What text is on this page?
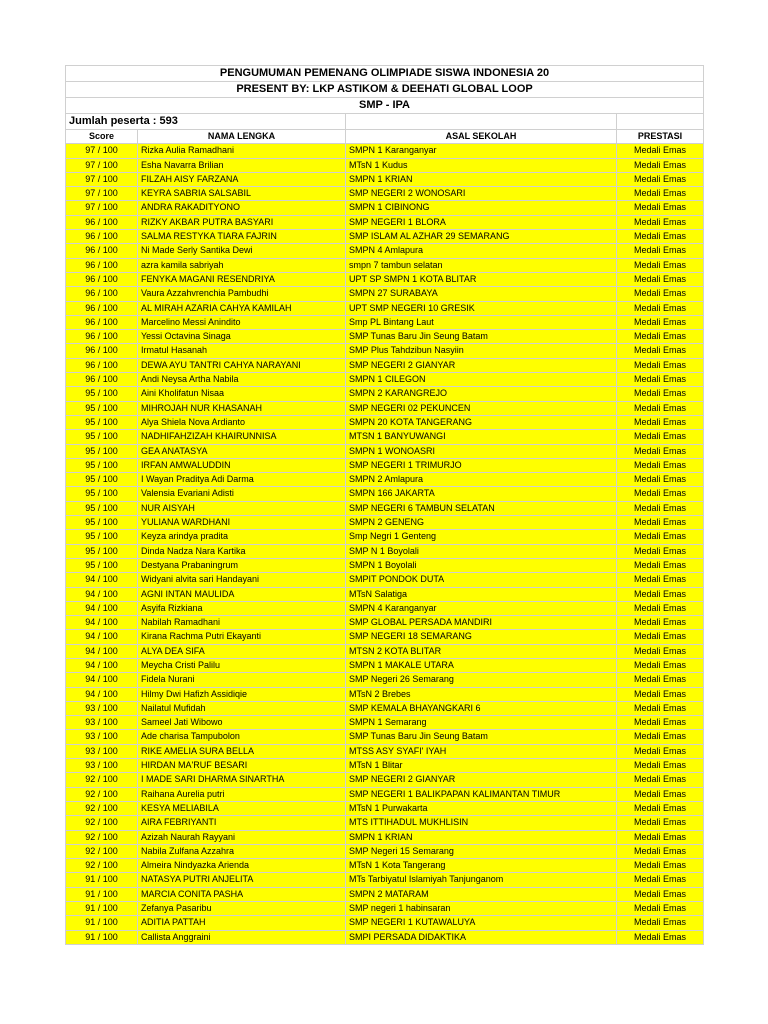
PENGUMUMAN PEMENANG OLIMPIADE SISWA INDONESIA 20			
PRESENT BY: LKP ASTIKOM & DEEHATI GLOBAL LOOP			
SMP - IPA			
Jumlah peserta : 593			
Score	NAMA LENGKA	ASAL SEKOLAH	PRESTASI
97 / 100	Rizka Aulia Ramadhani	SMPN 1 Karanganyar	Medali Emas
97 / 100	Esha Navarra Brilian	MTsN 1 Kudus	Medali Emas
97 / 100	FILZAH AISY FARZANA	SMPN 1 KRIAN	Medali Emas
97 / 100	KEYRA SABRIA SALSABIL	SMP NEGERI 2 WONOSARI	Medali Emas
97 / 100	ANDRA RAKADITYONO	SMPN 1 CIBINONG	Medali Emas
96 / 100	RIZKY AKBAR PUTRA BASYARI	SMP NEGERI 1 BLORA	Medali Emas
96 / 100	SALMA RESTYKA TIARA FAJRIN	SMP ISLAM AL AZHAR 29 SEMARANG	Medali Emas
96 / 100	Ni Made Serly Santika Dewi	SMPN 4 Amlapura	Medali Emas
96 / 100	azra kamila sabriyah	smpn 7 tambun selatan	Medali Emas
96 / 100	FENYKA MAGANI RESENDRIYA	UPT SP SMPN 1 KOTA BLITAR	Medali Emas
96 / 100	Vaura Azzahvrenchia Pambudhi	SMPN 27 SURABAYA	Medali Emas
96 / 100	AL MIRAH AZARIA CAHYA KAMILAH	UPT SMP NEGERI 10 GRESIK	Medali Emas
96 / 100	Marcelino Messi Anindito	Smp PL Bintang Laut	Medali Emas
96 / 100	Yessi Octavina Sinaga	SMP Tunas Baru Jin Seung Batam	Medali Emas
96 / 100	Irmatul Hasanah	SMP Plus Tahdzibun Nasyiin	Medali Emas
96 / 100	DEWA AYU TANTRI CAHYA NARAYANI	SMP NEGERI 2 GIANYAR	Medali Emas
96 / 100	Andi Neysa Artha Nabila	SMPN 1 CILEGON	Medali Emas
95 / 100	Aini Kholifatun Nisaa	SMPN 2 KARANGREJO	Medali Emas
95 / 100	MIHROJAH NUR KHASANAH	SMP NEGERI 02 PEKUNCEN	Medali Emas
95 / 100	Alya Shiela Nova Ardianto	SMPN 20 KOTA TANGERANG	Medali Emas
95 / 100	NADHIFAHZIZAH KHAIRUNNISA	MTSN 1 BANYUWANGI	Medali Emas
95 / 100	GEA ANATASYA	SMPN 1 WONOASRI	Medali Emas
95 / 100	IRFAN AMWALUDDIN	SMP NEGERI 1 TRIMURJO	Medali Emas
95 / 100	I Wayan Praditya Adi Darma	SMPN 2 Amlapura	Medali Emas
95 / 100	Valensia Evariani Adisti	SMPN 166 JAKARTA	Medali Emas
95 / 100	NUR AISYAH	SMP NEGERI 6 TAMBUN SELATAN	Medali Emas
95 / 100	YULIANA WARDHANI	SMPN 2 GENENG	Medali Emas
95 / 100	Keyza arindya pradita	Smp Negri 1 Genteng	Medali Emas
95 / 100	Dinda Nadza Nara Kartika	SMP N 1 Boyolali	Medali Emas
95 / 100	Destyana Prabaningrum	SMPN 1 Boyolali	Medali Emas
94 / 100	Widyani alvita sari Handayani	SMPIT PONDOK DUTA	Medali Emas
94 / 100	AGNI INTAN MAULIDA	MTsN Salatiga	Medali Emas
94 / 100	Asyifa Rizkiana	SMPN 4 Karanganyar	Medali Emas
94 / 100	Nabilah Ramadhani	SMP GLOBAL PERSADA MANDIRI	Medali Emas
94 / 100	Kirana Rachma Putri Ekayanti	SMP NEGERI 18 SEMARANG	Medali Emas
94 / 100	ALYA DEA SIFA	MTSN 2 KOTA BLITAR	Medali Emas
94 / 100	Meycha Cristi Palilu	SMPN 1 MAKALE UTARA	Medali Emas
94 / 100	Fidela Nurani	SMP Negeri 26 Semarang	Medali Emas
94 / 100	Hilmy Dwi Hafizh Assidiqie	MTsN 2 Brebes	Medali Emas
93 / 100	Nailatul Mufidah	SMP KEMALA BHAYANGKARI 6	Medali Emas
93 / 100	Sameel Jati Wibowo	SMPN 1 Semarang	Medali Emas
93 / 100	Ade charisa Tampubolon	SMP Tunas Baru Jin Seung Batam	Medali Emas
93 / 100	RIKE AMELIA SURA BELLA	MTSS ASY SYAFI' IYAH	Medali Emas
93 / 100	HIRDAN MA'RUF BESARI	MTsN 1 Blitar	Medali Emas
92 / 100	I MADE SARI DHARMA SINARTHA	SMP NEGERI 2 GIANYAR	Medali Emas
92 / 100	Raihana Aurelia putri	SMP NEGERI 1 BALIKPAPAN KALIMANTAN TIMUR	Medali Emas
92 / 100	KESYA MELIABILA	MTsN 1 Purwakarta	Medali Emas
92 / 100	AIRA FEBRIYANTI	MTS ITTIHADUL MUKHLISIN	Medali Emas
92 / 100	Azizah Naurah Rayyani	SMPN 1 KRIAN	Medali Emas
92 / 100	Nabila Zulfana Azzahra	SMP Negeri 15 Semarang	Medali Emas
92 / 100	Almeira Nindyazka Arienda	MTsN 1 Kota Tangerang	Medali Emas
91 / 100	NATASYA PUTRI ANJELITA	MTs Tarbiyatul Islamiyah Tanjunganom	Medali Emas
91 / 100	MARCIA CONITA PASHA	SMPN 2 MATARAM	Medali Emas
91 / 100	Zefanya Pasaribu	SMP negeri 1 habinsaran	Medali Emas
91 / 100	ADITIA PATTAH	SMP NEGERI 1 KUTAWALUYA	Medali Emas
91 / 100	Callista Anggraini	SMPI PERSADA DIDAKTIKA	Medali Emas
